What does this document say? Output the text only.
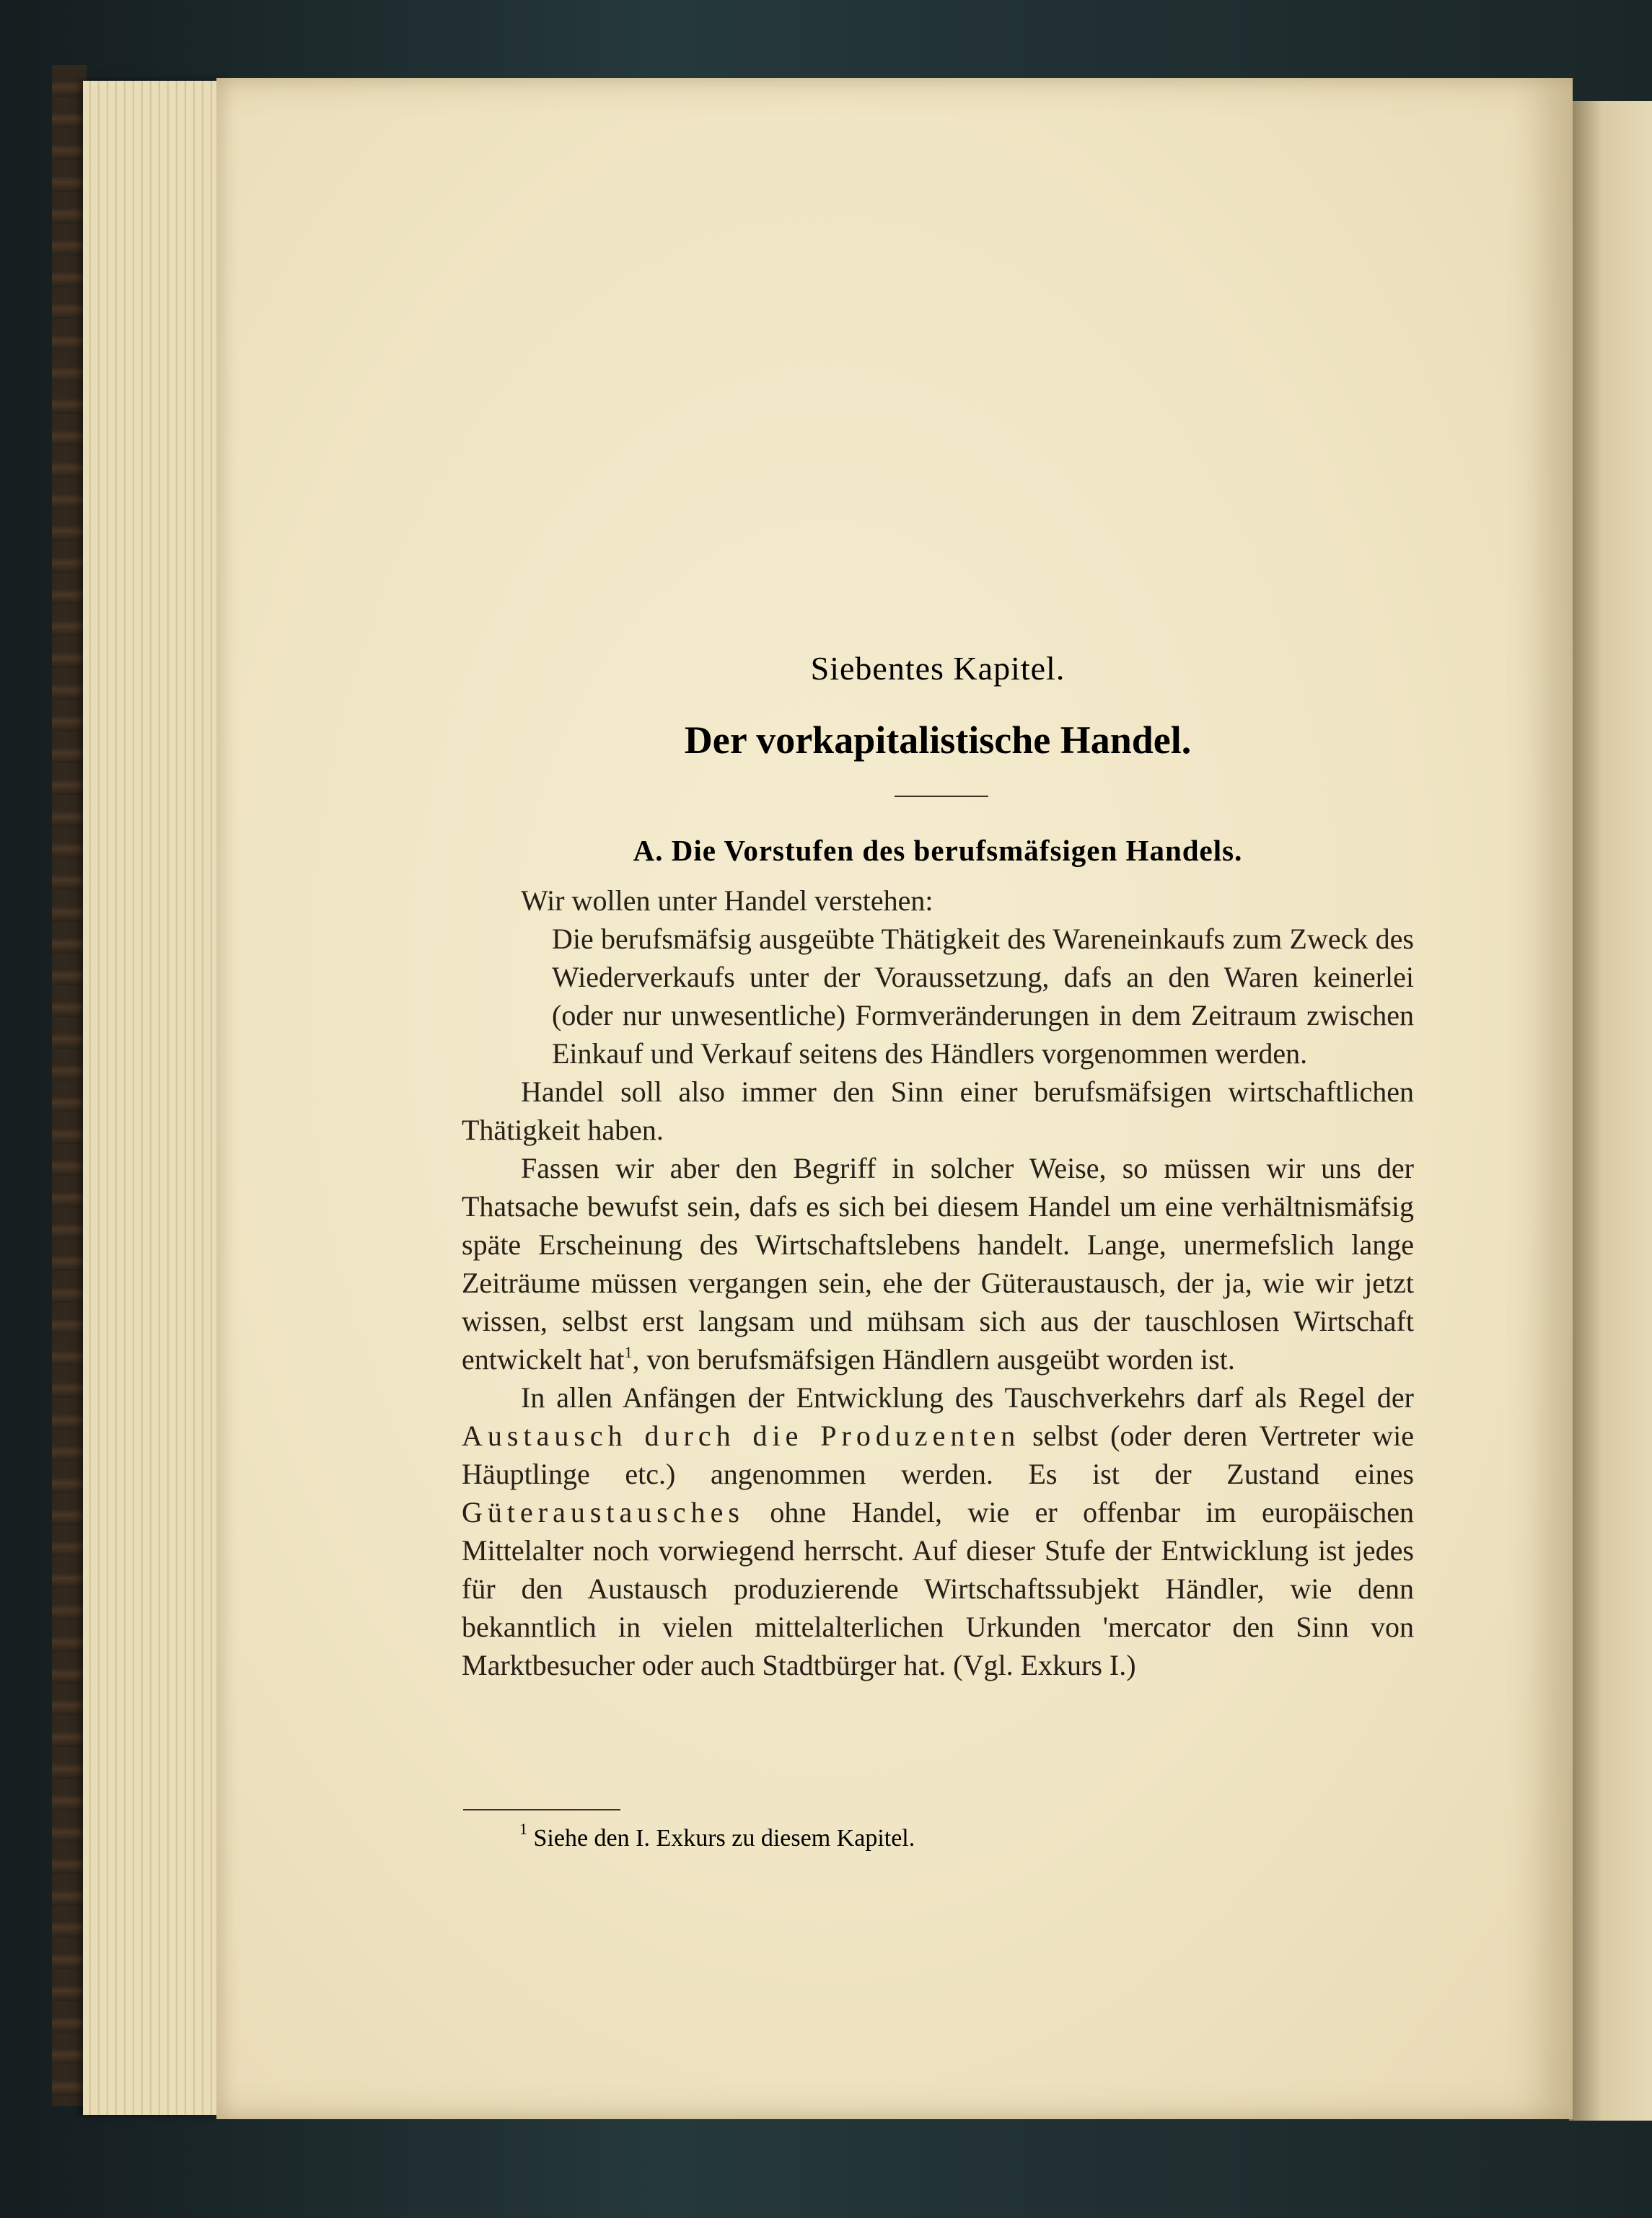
Siebentes Kapitel.
Der vorkapitalistische Handel.
A. Die Vorstufen des berufsmäfsigen Handels.

Wir wollen unter Handel verstehen:

Die berufsmäfsig ausgeübte Thätigkeit des Wareneinkaufs zum Zweck des Wiederverkaufs unter der Voraussetzung, dafs an den Waren keinerlei (oder nur unwesentliche) Formveränderungen in dem Zeitraum zwischen Einkauf und Verkauf seitens des Händlers vorgenommen werden.

Handel soll also immer den Sinn einer berufsmäfsigen wirtschaftlichen Thätigkeit haben.

Fassen wir aber den Begriff in solcher Weise, so müssen wir uns der Thatsache bewufst sein, dafs es sich bei diesem Handel um eine verhältnismäfsig späte Erscheinung des Wirtschaftslebens handelt. Lange, unermefslich lange Zeiträume müssen vergangen sein, ehe der Güteraustausch, der ja, wie wir jetzt wissen, selbst erst langsam und mühsam sich aus der tauschlosen Wirtschaft entwickelt hat$^1$, von berufsmäfsigen Händlern ausgeübt worden ist.

In allen Anfängen der Entwicklung des Tauschverkehrs darf als Regel der Austausch durch die Produzenten selbst (oder deren Vertreter wie Häuptlinge etc.) angenommen werden. Es ist der Zustand eines Güteraustausches ohne Handel, wie er offenbar im europäischen Mittelalter noch vorwiegend herrscht. Auf dieser Stufe der Entwicklung ist jedes für den Austausch produzierende Wirtschaftssubjekt Händler, wie denn bekanntlich in vielen mittelalterlichen Urkunden 'mercator den Sinn von Marktbesucher oder auch Stadtbürger hat. (Vgl. Exkurs I.)

$^1$ Siehe den I. Exkurs zu diesem Kapitel.
